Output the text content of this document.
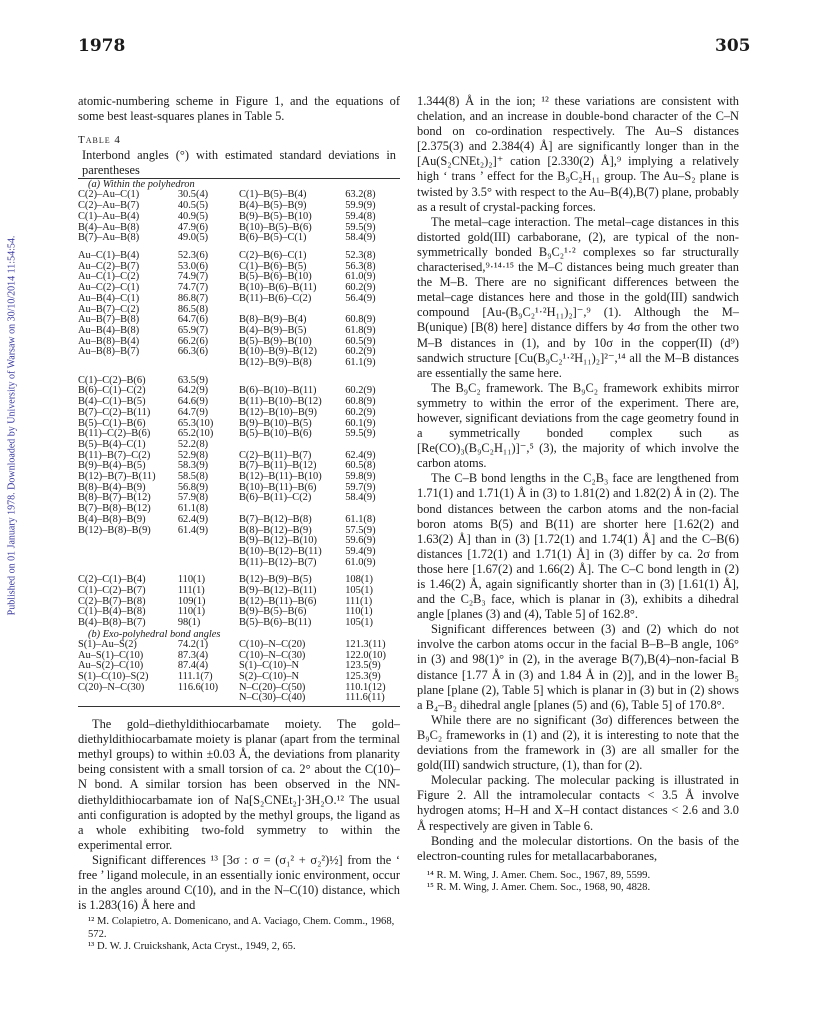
1978	305
Published on 01 January 1978. Downloaded by University of Warsaw on 30/10/2014 11:54:54.

atomic-numbering scheme in Figure 1, and the equations of some best least-squares planes in Table 5.

Table 4

Interbond angles (°) with estimated standard deviations in parentheses

(a) Within the polyhedron
C(2)–Au–C(1)	30.5(4)	C(1)–B(5)–B(4)	63.2(8)
C(2)–Au–B(7)	40.5(5)	B(4)–B(5)–B(9)	59.9(9)
C(1)–Au–B(4)	40.9(5)	B(9)–B(5)–B(10)	59.4(8)
B(4)–Au–B(8)	47.9(6)	B(10)–B(5)–B(6)	59.5(9)
B(7)–Au–B(8)	49.0(5)	B(6)–B(5)–C(1)	58.4(9)

Au–C(1)–B(4)	52.3(6)	C(2)–B(6)–C(1)	52.3(8)
Au–C(2)–B(7)	53.0(6)	C(1)–B(6)–B(5)	56.3(8)
Au–C(1)–C(2)	74.9(7)	B(5)–B(6)–B(10)	61.0(9)
Au–C(2)–C(1)	74.7(7)	B(10)–B(6)–B(11)	60.2(9)
Au–B(4)–C(1)	86.8(7)	B(11)–B(6)–C(2)	56.4(9)
Au–B(7)–C(2)	86.5(8)		
Au–B(7)–B(8)	64.7(6)	B(8)–B(9)–B(4)	60.8(9)
Au–B(4)–B(8)	65.9(7)	B(4)–B(9)–B(5)	61.8(9)
Au–B(8)–B(4)	66.2(6)	B(5)–B(9)–B(10)	60.5(9)
Au–B(8)–B(7)	66.3(6)	B(10)–B(9)–B(12)	60.2(9)
		B(12)–B(9)–B(8)	61.1(9)

C(1)–C(2)–B(6)	63.5(9)		
B(6)–C(1)–C(2)	64.2(9)	B(6)–B(10)–B(11)	60.2(9)
B(4)–C(1)–B(5)	64.6(9)	B(11)–B(10)–B(12)	60.8(9)
B(7)–C(2)–B(11)	64.7(9)	B(12)–B(10)–B(9)	60.2(9)
B(5)–C(1)–B(6)	65.3(10)	B(9)–B(10)–B(5)	60.1(9)
B(11)–C(2)–B(6)	65.2(10)	B(5)–B(10)–B(6)	59.5(9)
B(5)–B(4)–C(1)	52.2(8)		
B(11)–B(7)–C(2)	52.9(8)	C(2)–B(11)–B(7)	62.4(9)
B(9)–B(4)–B(5)	58.3(9)	B(7)–B(11)–B(12)	60.5(8)
B(12)–B(7)–B(11)	58.5(8)	B(12)–B(11)–B(10)	59.8(9)
B(8)–B(4)–B(9)	56.8(9)	B(10)–B(11)–B(6)	59.7(9)
B(8)–B(7)–B(12)	57.9(8)	B(6)–B(11)–C(2)	58.4(9)
B(7)–B(8)–B(12)	61.1(8)		
B(4)–B(8)–B(9)	62.4(9)	B(7)–B(12)–B(8)	61.1(8)
B(12)–B(8)–B(9)	61.4(9)	B(8)–B(12)–B(9)	57.5(9)
		B(9)–B(12)–B(10)	59.6(9)
		B(10)–B(12)–B(11)	59.4(9)
		B(11)–B(12)–B(7)	61.0(9)

C(2)–C(1)–B(4)	110(1)	B(12)–B(9)–B(5)	108(1)
C(1)–C(2)–B(7)	111(1)	B(9)–B(12)–B(11)	105(1)
C(2)–B(7)–B(8)	109(1)	B(12)–B(11)–B(6)	111(1)
C(1)–B(4)–B(8)	110(1)	B(9)–B(5)–B(6)	110(1)
B(4)–B(8)–B(7)	98(1)	B(5)–B(6)–B(11)	105(1)
(b) Exo-polyhedral bond angles
S(1)–Au–S(2)	74.2(1)	C(10)–N–C(20)	121.3(11)
Au–S(1)–C(10)	87.3(4)	C(10)–N–C(30)	122.0(10)
Au–S(2)–C(10)	87.4(4)	S(1)–C(10)–N	123.5(9)
S(1)–C(10)–S(2)	111.1(7)	S(2)–C(10)–N	125.3(9)
C(20)–N–C(30)	116.6(10)	N–C(20)–C(50)	110.1(12)
		N–C(30)–C(40)	111.6(11)

The gold–diethyldithiocarbamate moiety. The gold–diethyldithiocarbamate moiety is planar (apart from the terminal methyl groups) to within ±0.03 Å, the deviations from planarity being consistent with a small torsion of ca. 2° about the C(10)–N bond. A similar torsion has been observed in the NN-diethyldithiocarbamate ion of Na[S₂CNEt₂]·3H₂O.¹² The usual anti configuration is adopted by the methyl groups, the ligand as a whole exhibiting two-fold symmetry to within the experimental error.

Significant differences ¹³ [3σ : σ = (σ₁² + σ₂²)½] from the ‘ free ’ ligand molecule, in an essentially ionic environment, occur in the angles around C(10), and in the N–C(10) distance, which is 1.283(16) Å here and

¹² M. Colapietro, A. Domenicano, and A. Vaciago, Chem. Comm., 1968, 572.
¹³ D. W. J. Cruickshank, Acta Cryst., 1949, 2, 65.

1.344(8) Å in the ion; ¹² these variations are consistent with chelation, and an increase in double-bond character of the C–N bond on co-ordination respectively. The Au–S distances [2.375(3) and 2.384(4) Å] are significantly longer than in the [Au(S₂CNEt₂)₂]⁺ cation [2.330(2) Å],⁹ implying a relatively high ‘ trans ’ effect for the B₉C₂H₁₁ group. The Au–S₂ plane is twisted by 3.5° with respect to the Au–B(4),B(7) plane, probably as a result of crystal-packing forces.

The metal–cage interaction. The metal–cage distances in this distorted gold(III) carbaborane, (2), are typical of the non-symmetrically bonded B₉C₂¹·² complexes so far structurally characterised,⁹·¹⁴·¹⁵ the M–C distances being much greater than the M–B. There are no significant differences between the metal–cage distances here and those in the gold(III) sandwich compound [Au-(B₉C₂¹·²H₁₁)₂]⁻,⁹ (1). Although the M–B(unique) [B(8) here] distance differs by 4σ from the other two M–B distances in (1), and by 10σ in the copper(II) (d⁹) sandwich structure [Cu(B₉C₂¹·²H₁₁)₂]²⁻,¹⁴ all the M–B distances are essentially the same here.

The B₉C₂ framework. The B₉C₂ framework exhibits mirror symmetry to within the error of the experiment. There are, however, significant deviations from the cage geometry found in a symmetrically bonded complex such as [Re(CO)₃(B₉C₂H₁₁)]⁻,⁵ (3), the majority of which involve the carbon atoms.

The C–B bond lengths in the C₂B₃ face are lengthened from 1.71(1) and 1.71(1) Å in (3) to 1.81(2) and 1.82(2) Å in (2). The bond distances between the carbon atoms and the non-facial boron atoms B(5) and B(11) are shorter here [1.62(2) and 1.63(2) Å] than in (3) [1.72(1) and 1.74(1) Å] and the C–B(6) distances [1.72(1) and 1.71(1) Å] in (3) differ by ca. 2σ from those here [1.67(2) and 1.66(2) Å]. The C–C bond length in (2) is 1.46(2) Å, again significantly shorter than in (3) [1.61(1) Å], and the C₂B₃ face, which is planar in (3), exhibits a dihedral angle [planes (3) and (4), Table 5] of 162.8°.

Significant differences between (3) and (2) which do not involve the carbon atoms occur in the facial B–B–B angle, 106° in (3) and 98(1)° in (2), in the average B(7),B(4)–non-facial B distance [1.77 Å in (3) and 1.84 Å in (2)], and in the lower B₅ plane [plane (2), Table 5] which is planar in (3) but in (2) shows a B₄–B₂ dihedral angle [planes (5) and (6), Table 5] of 170.8°.

While there are no significant (3σ) differences between the B₉C₂ frameworks in (1) and (2), it is interesting to note that the deviations from the framework in (3) are all smaller for the gold(III) sandwich structure, (1), than for (2).

Molecular packing. The molecular packing is illustrated in Figure 2. All the intramolecular contacts < 3.5 Å involve hydrogen atoms; H–H and X–H contact distances < 2.6 and 3.0 Å respectively are given in Table 6.

Bonding and the molecular distortions. On the basis of the electron-counting rules for metallacarbaboranes,

¹⁴ R. M. Wing, J. Amer. Chem. Soc., 1967, 89, 5599.
¹⁵ R. M. Wing, J. Amer. Chem. Soc., 1968, 90, 4828.
